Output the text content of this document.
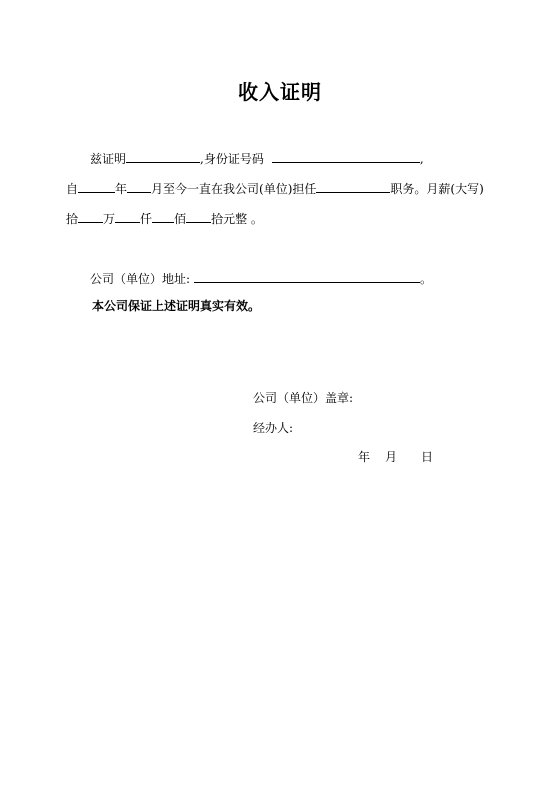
收入证明
兹证明	,身份证号码	,
自	年 月至今一直在我公司(单位)担任	职务。月薪(大写)
拾 万 仟 佰 拾元整 。
公司（单位）地址:	。
本公司保证上述证明真实有效。
公司（单位）盖章:
经办人:
年 月 日
